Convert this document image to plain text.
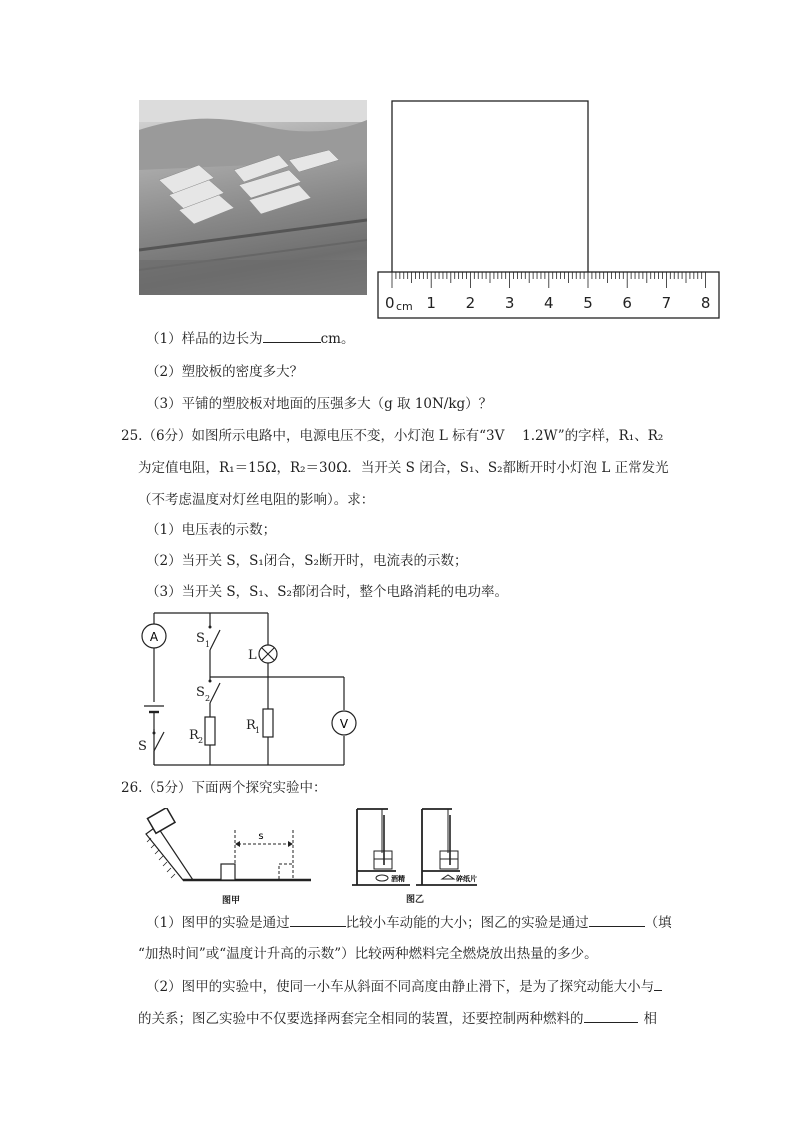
1 2 3 4 5 6 7 8
0 cm
（1）样品的边长为	cm。
（2）塑胶板的密度多大？
（3）平铺的塑胶板对地面的压强多大（g 取 10N/kg）？
25.（6分）如图所示电路中，电源电压不变，小灯泡 L 标有“3V　 1.2W”的字样，R₁、R₂
为定值电阻，R₁＝15Ω，R₂＝30Ω．当开关 S 闭合，S₁、S₂都断开时小灯泡 L 正常发光
（不考虑温度对灯丝电阻的影响）。求：
（1）电压表的示数；
（2）当开关 S，S₁闭合，S₂断开时，电流表的示数；
（3）当开关 S，S₁、S₂都闭合时，整个电路消耗的电功率。
A
V
S 1
L
S 2
R 1
R 2
S
26.（5分）下面两个探究实验中：
s
图甲
酒精	碎纸片
图乙
（1）图甲的实验是通过	比较小车动能的大小；图乙的实验是通过	（填
“加热时间”或“温度计升高的示数”）比较两种燃料完全燃烧放出热量的多少。
（2）图甲的实验中，使同一小车从斜面不同高度由静止滑下，是为了探究动能大小与
的关系；图乙实验中不仅要选择两套完全相同的装置，还要控制两种燃料的	相
